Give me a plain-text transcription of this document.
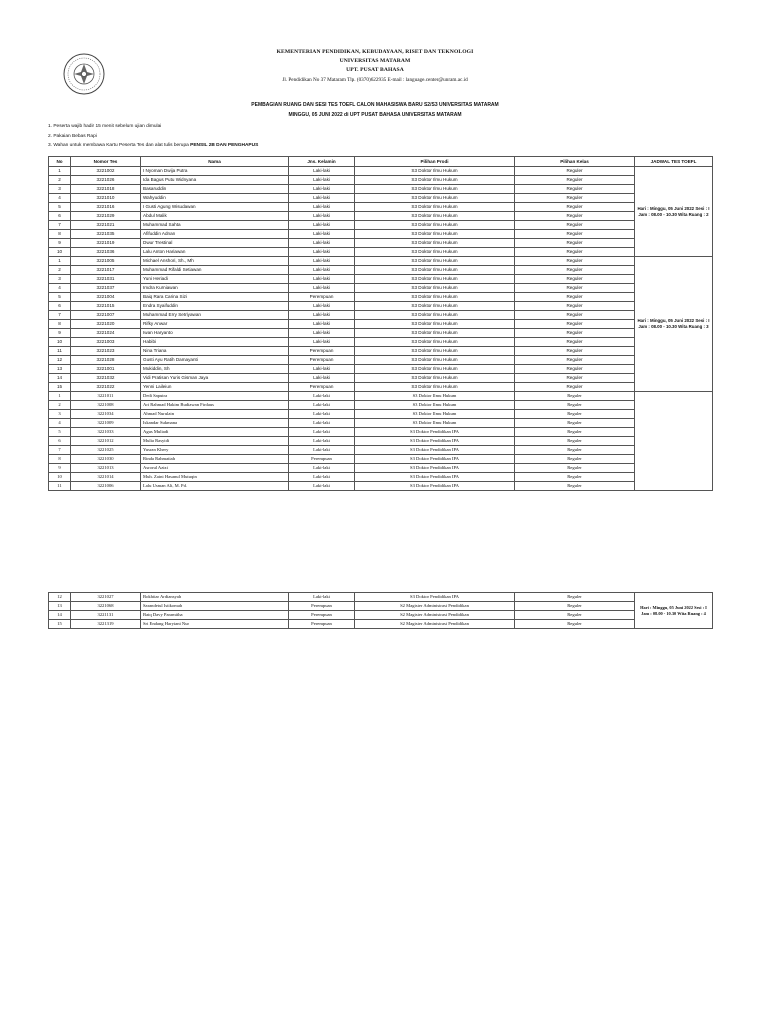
KEMENTERIAN PENDIDIKAN, KEBUDAYAAN, RISET DAN TEKNOLOGI
UNIVERSITAS MATARAM
UPT. PUSAT BAHASA
Jl. Pendidikan No 37 Mataram Tlp. (0370)622935 E-mail : language.center@unram.ac.id
PEMBAGIAN RUANG DAN SESI TES TOEFL CALON MAHASISWA BARU S2/S3 UNIVERSITAS MATARAM
MINGGU, 05 JUNI 2022 di UPT PUSAT BAHASA UNIVERSITAS MATARAM
1. Peserta wajib hadir 15 menit sebelum ujian dimulai
2. Pakaian Bebas Rapi
3. Wahan untuk membawa Kartu Peserta Tes dan alat tulis berupa PENSIL 2B DAN PENGHAPUS
No	Nomor Tes	Nama	Jns. Kelamin	Pilihan Prodi	Pilihan Kelas	JADWAL TES TOEFL
1	3221002	I Nyoman Dwija Putra	Laki-laki	S3 Doktor Ilmu Hukum	Reguler	Hari : Minggu, 05 Juni 2022 Sesi : I Jam : 08.00 - 10.30 Wita Ruang : 2
2	3221026	Ida Bagus Putu Widnyana	Laki-laki	S3 Doktor Ilmu Hukum	Reguler	
3	3221018	Basaruddin	Laki-laki	S3 Doktor Ilmu Hukum	Reguler	
4	3221010	Wahyuddin	Laki-laki	S3 Doktor Ilmu Hukum	Reguler	
5	3221016	I Gusti Agung Wisudawan	Laki-laki	S3 Doktor Ilmu Hukum	Reguler	
6	3221029	Abdul Malik	Laki-laki	S3 Doktor Ilmu Hukum	Reguler	
7	3221021	Muhammad Sahta	Laki-laki	S3 Doktor Ilmu Hukum	Reguler	
8	3221035	Afifuddin Adnan	Laki-laki	S3 Doktor Ilmu Hukum	Reguler	
9	3221019	Dwur Trestinal	Laki-laki	S3 Doktor Ilmu Hukum	Reguler	
10	3221036	Lalu Anton Hariawan	Laki-laki	S3 Doktor Ilmu Hukum	Reguler	
1	3221005	Michael Anshori, Sh., Mh	Laki-laki	S3 Doktor Ilmu Hukum	Reguler	Hari : Minggu, 05 Juni 2022 Sesi : I Jam : 08.00 - 10.30 Wita Ruang : 3
2	3221017	Muhammad Rifaldi Setiawan	Laki-laki	S3 Doktor Ilmu Hukum	Reguler	
3	3221031	Yuni Heriadi	Laki-laki	S3 Doktor Ilmu Hukum	Reguler	
4	3221037	Imdra Kurniawan	Laki-laki	S3 Doktor Ilmu Hukum	Reguler	
5	3221004	Baiq Rara Carina Sizi	Perempuan	S3 Doktor Ilmu Hukum	Reguler	
6	3221015	Endra Syaifuddin	Laki-laki	S3 Doktor Ilmu Hukum	Reguler	
7	3221007	Muhammad Erry Setriyawan	Laki-laki	S3 Doktor Ilmu Hukum	Reguler	
8	3221020	Rifky Anwar	Laki-laki	S3 Doktor Ilmu Hukum	Reguler	
9	3221024	Iwan Haryanto	Laki-laki	S3 Doktor Ilmu Hukum	Reguler	
10	3221003	Habibi	Laki-laki	S3 Doktor Ilmu Hukum	Reguler	
11	3221023	Nina Triana	Perempuan	S3 Doktor Ilmu Hukum	Reguler	
12	3221028	Gusti Ayu Ratih Damayanti	Perempuan	S3 Doktor Ilmu Hukum	Reguler	
13	3221001	Mukiddin, Sh	Laki-laki	S3 Doktor Ilmu Hukum	Reguler	
14	3221032	Vidi Pratisan Yuris Gisman Jaya	Laki-laki	S3 Doktor Ilmu Hukum	Reguler	
15	3221022	Yenni Laileiun	Perempuan	S3 Doktor Ilmu Hukum	Reguler	
1	3221011	Dedi Saputra	Laki-laki	S3 Doktor Ilmu Hukum	Reguler	
2	3221008	Ari Rahmad Hakim Budiawan Firdaus	Laki-laki	S3 Doktor Ilmu Hukum	Reguler	
3	3221034	Ahmad Nurulain	Laki-laki	S3 Doktor Ilmu Hukum	Reguler	
4	3221009	Iskandar Sukmana	Laki-laki	S3 Doktor Ilmu Hukum	Reguler	
5	3221033	Agus Muliadi	Laki-laki	S3 Doktor Pendidikan IPA	Reguler	
6	3221012	Mulia Rasyidi	Laki-laki	S3 Doktor Pendidikan IPA	Reguler	
7	3221025	Yusran Khery	Laki-laki	S3 Doktor Pendidikan IPA	Reguler	
8	3221030	Rinda Rahmatiah	Perempuan	S3 Doktor Pendidikan IPA	Reguler	
9	3221013	Asrorul Azizi	Laki-laki	S3 Doktor Pendidikan IPA	Reguler	
10	3221014	Muh. Zaini Hasanul Mutuqin	Laki-laki	S3 Doktor Pendidikan IPA	Reguler	
11	3221006	Lalu Usman Ali, M. Pd.	Laki-laki	S3 Doktor Pendidikan IPA	Reguler	
12	3221027	Bokhtiar Ardiansyah	Laki-laki	S3 Doktor Pendidikan IPA	Reguler	Hari : Minggu, 05 Juni 2022 Sesi : I Jam : 08.00 - 10.30 Wita Ruang : 4
13	3221068	Sarandetul Istikomah	Perempuan	S2 Magister Administrasi Pendidikan	Reguler	
14	3221131	Baiq Davy Paramitha	Perempuan	S2 Magister Administrasi Pendidikan	Reguler	
15	3221319	Sri Endang Haryiani Nur	Perempuan	S2 Magister Administrasi Pendidikan	Reguler	
